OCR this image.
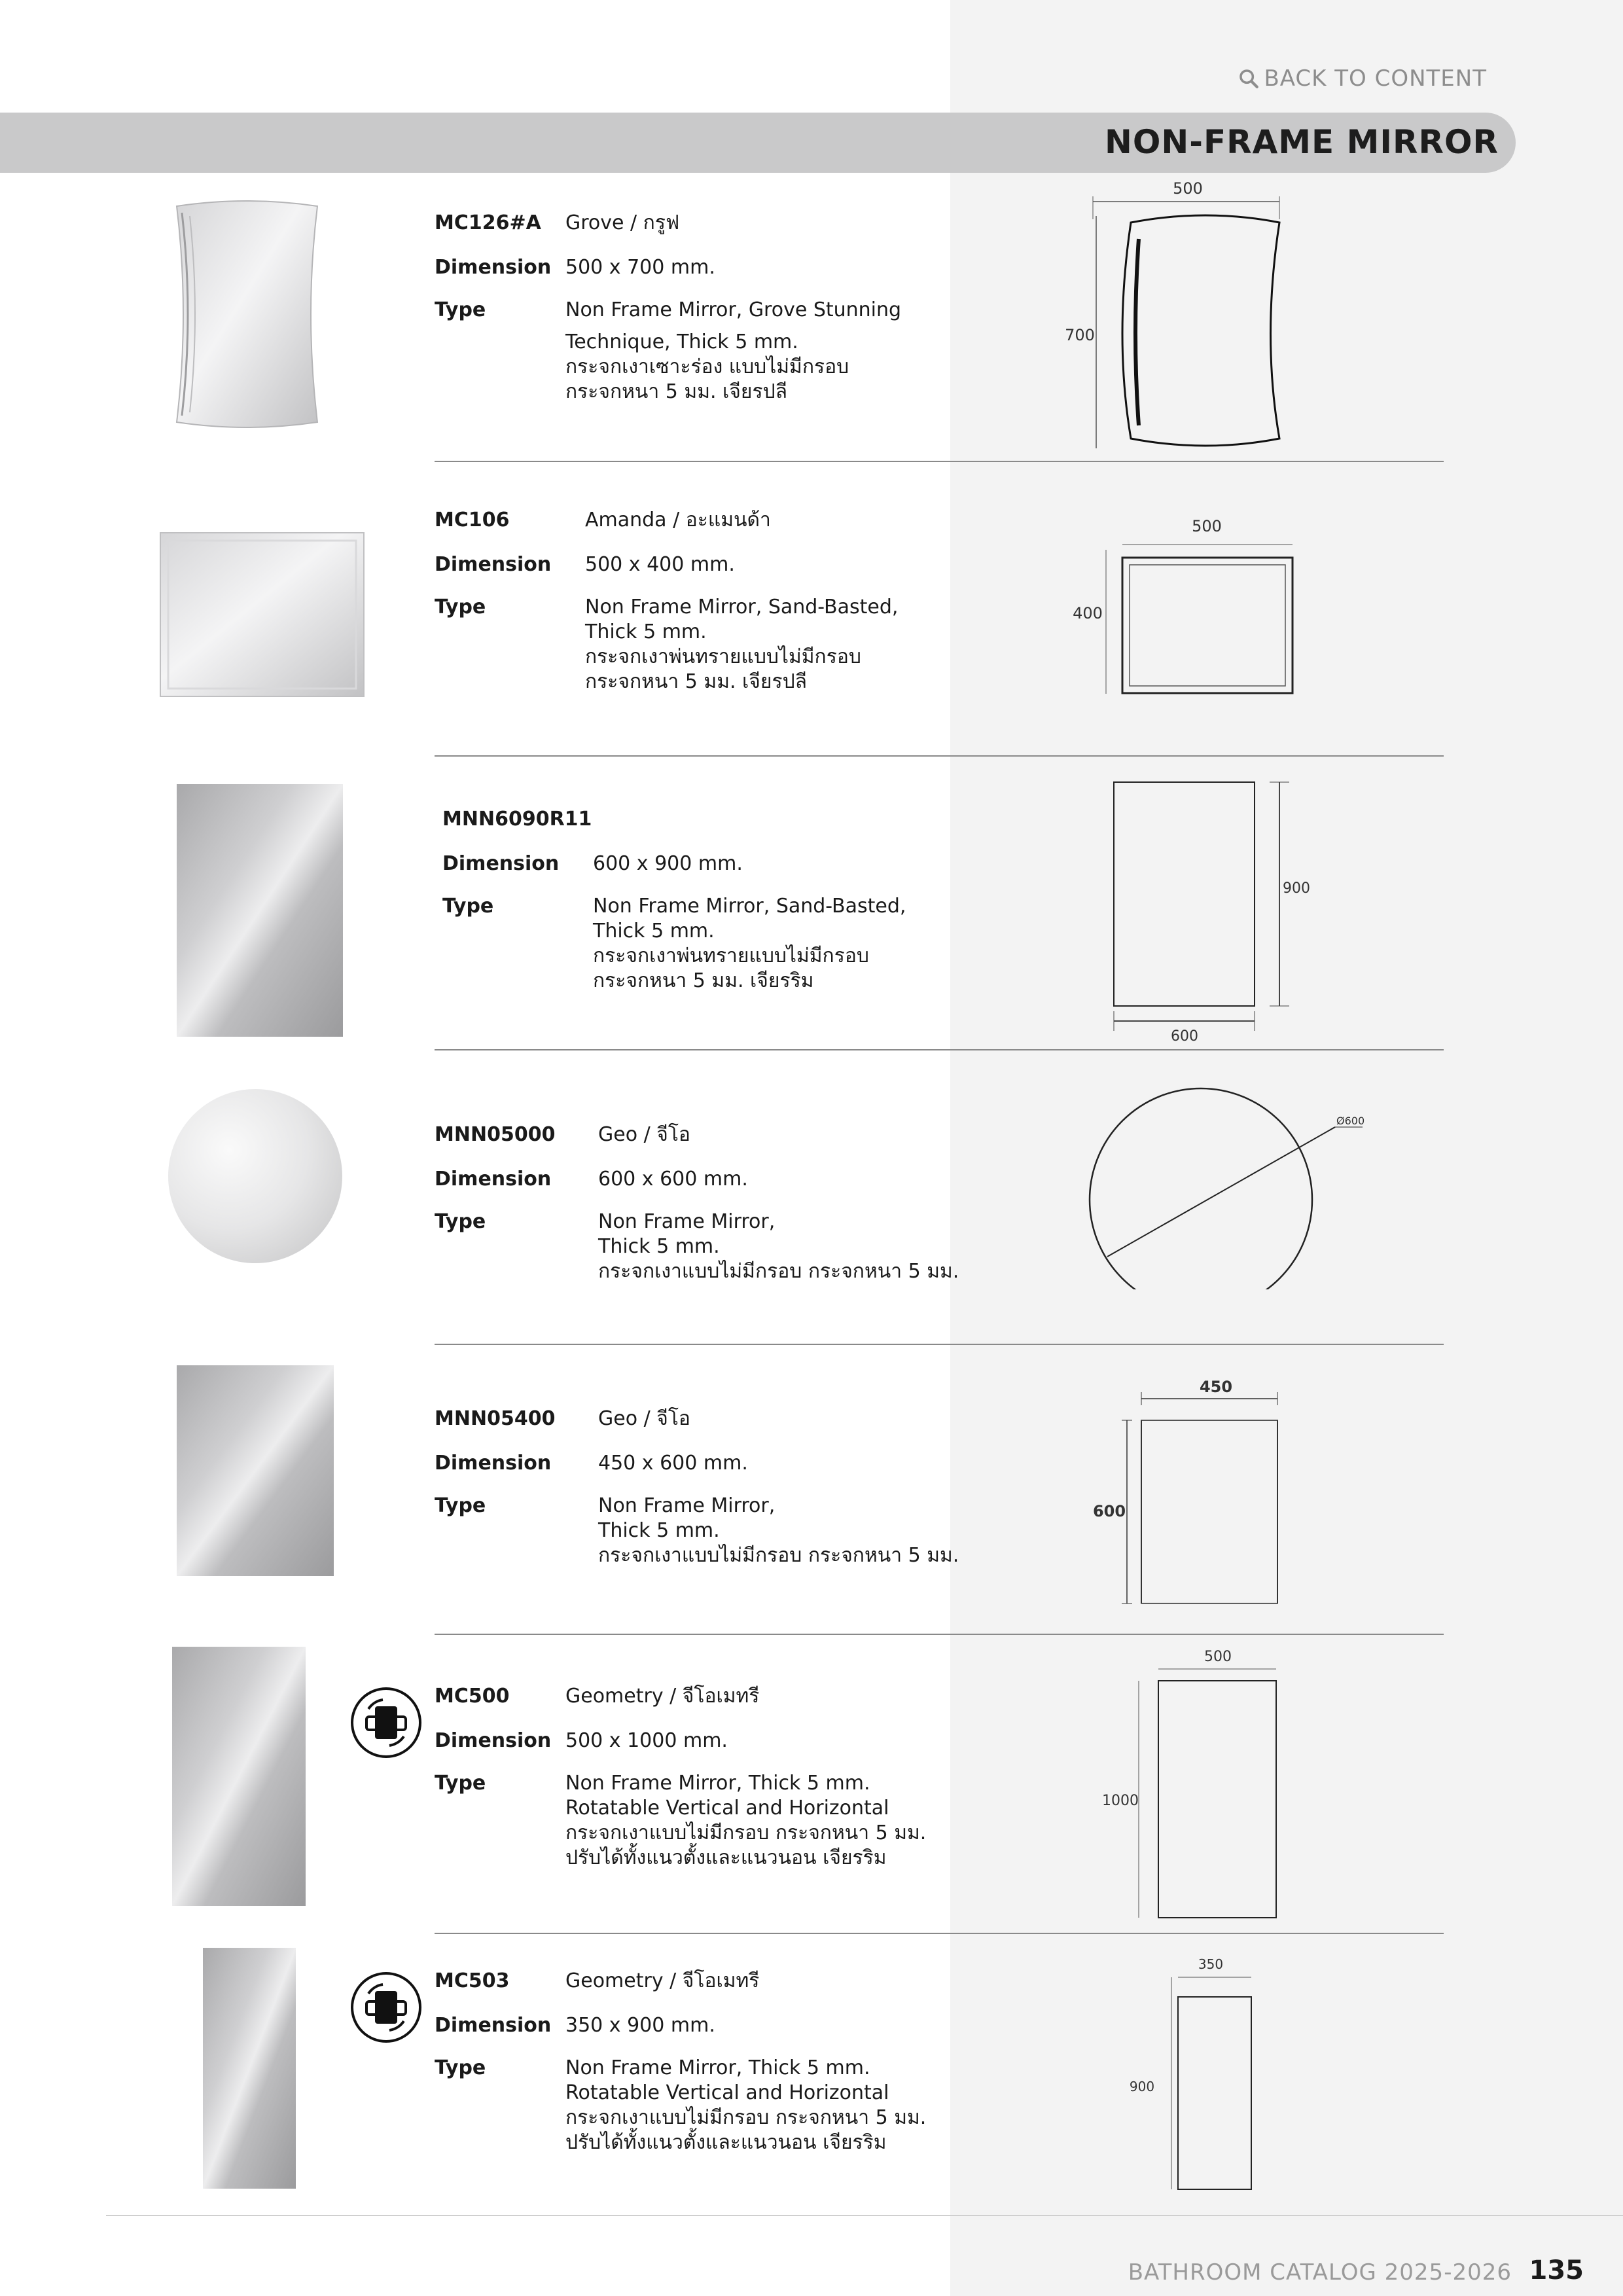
BACK TO CONTENT
NON-FRAME MIRROR
MC126#A Grove / กรูฟ
Dimension 500 x 700 mm.
Type	Non Frame Mirror, Grove Stunning
Technique, Thick 5 mm.
กระจกเงาเซาะร่อง แบบไม่มีกรอบ
กระจกหนา 5 มม. เจียรปลี
500
700
MC106	Amanda / อะแมนด้า
Dimension 500 x 400 mm.
Type	Non Frame Mirror, Sand-Basted,
Thick 5 mm.
กระจกเงาพ่นทรายแบบไม่มีกรอบ
กระจกหนา 5 มม. เจียรปลี
500
400
MNN6090R11
Dimension 600 x 900 mm.
Type	Non Frame Mirror, Sand-Basted,
Thick 5 mm.
กระจกเงาพ่นทรายแบบไม่มีกรอบ
กระจกหนา 5 มม. เจียรริม
900
600
MNN05000 Geo / จีโอ
Dimension 600 x 600 mm.
Type	Non Frame Mirror,
Thick 5 mm.
กระจกเงาแบบไม่มีกรอบ กระจกหนา 5 มม.
Ø600
MNN05400 Geo / จีโอ
Dimension 450 x 600 mm.
Type	Non Frame Mirror,
Thick 5 mm.
กระจกเงาแบบไม่มีกรอบ กระจกหนา 5 มม.
450
600
MC500	Geometry / จีโอเมทรี
Dimension 500 x 1000 mm.
Type	Non Frame Mirror, Thick 5 mm.
Rotatable Vertical and Horizontal
กระจกเงาแบบไม่มีกรอบ กระจกหนา 5 มม.
ปรับได้ทั้งแนวตั้งและแนวนอน เจียรริม
500
1000
MC503	Geometry / จีโอเมทรี
Dimension 350 x 900 mm.
Type	Non Frame Mirror, Thick 5 mm.
Rotatable Vertical and Horizontal
กระจกเงาแบบไม่มีกรอบ กระจกหนา 5 มม.
ปรับได้ทั้งแนวตั้งและแนวนอน เจียรริม
350
900
BATHROOM CATALOG 2025-2026 135
